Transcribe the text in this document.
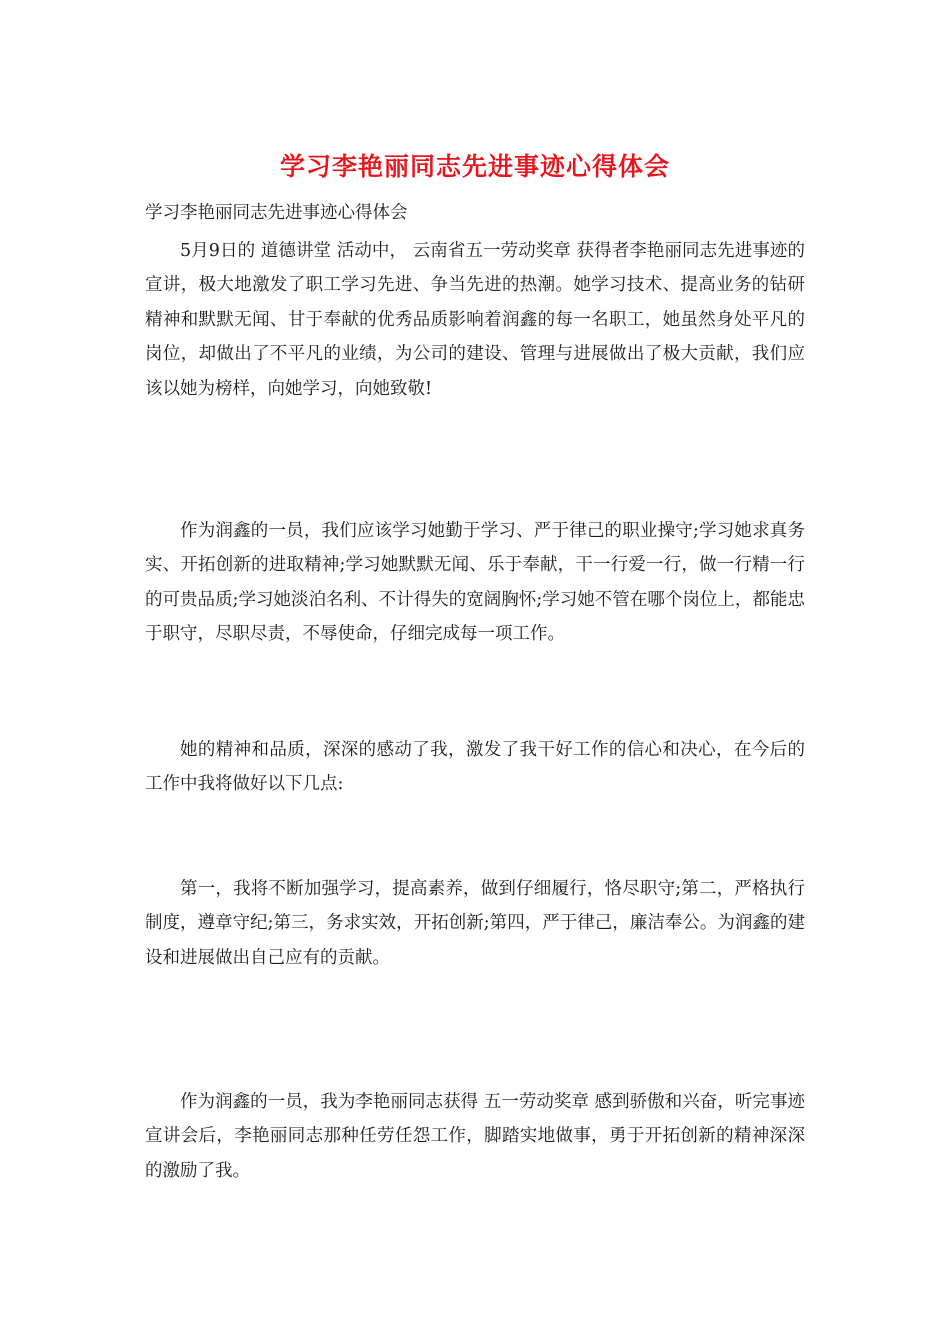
学习李艳丽同志先进事迹心得体会
学习李艳丽同志先进事迹心得体会

5月9日的 道德讲堂 活动中， 云南省五一劳动奖章 获得者李艳丽同志先进事迹的宣讲，极大地激发了职工学习先进、争当先进的热潮。她学习技术、提高业务的钻研精神和默默无闻、甘于奉献的优秀品质影响着润鑫的每一名职工，她虽然身处平凡的岗位，却做出了不平凡的业绩，为公司的建设、管理与进展做出了极大贡献，我们应该以她为榜样，向她学习，向她致敬!

作为润鑫的一员，我们应该学习她勤于学习、严于律己的职业操守;学习她求真务实、开拓创新的进取精神;学习她默默无闻、乐于奉献，干一行爱一行，做一行精一行的可贵品质;学习她淡泊名利、不计得失的宽阔胸怀;学习她不管在哪个岗位上，都能忠于职守，尽职尽责，不辱使命，仔细完成每一项工作。

她的精神和品质，深深的感动了我，激发了我干好工作的信心和决心，在今后的工作中我将做好以下几点:

第一，我将不断加强学习，提高素养，做到仔细履行，恪尽职守;第二，严格执行制度，遵章守纪;第三，务求实效，开拓创新;第四，严于律己，廉洁奉公。为润鑫的建设和进展做出自己应有的贡献。

作为润鑫的一员，我为李艳丽同志获得 五一劳动奖章 感到骄傲和兴奋，听完事迹宣讲会后，李艳丽同志那种任劳任怨工作，脚踏实地做事，勇于开拓创新的精神深深的激励了我。
